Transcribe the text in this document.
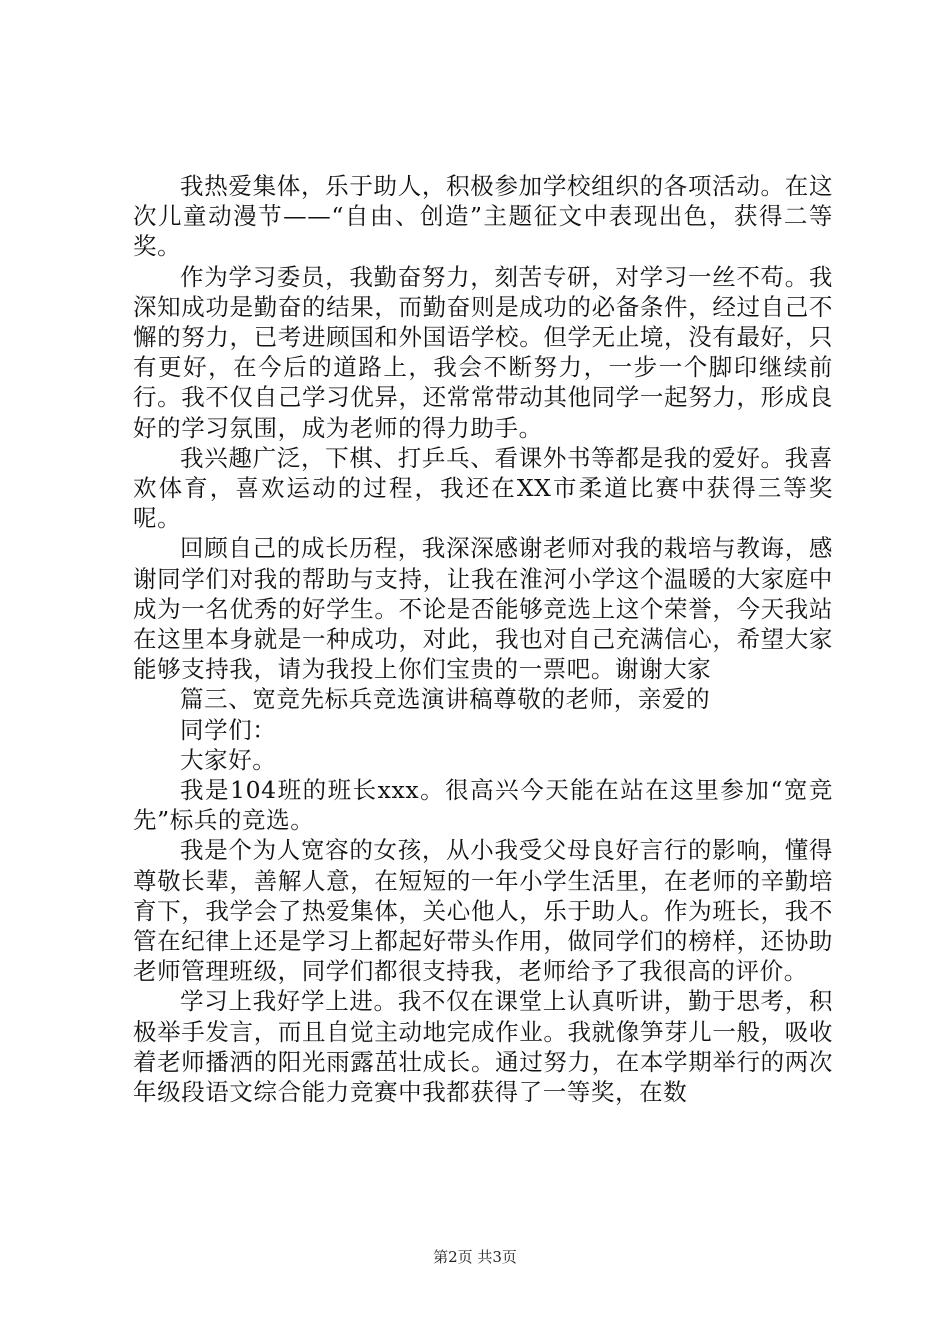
我热爱集体，乐于助人，积极参加学校组织的各项活动。在这次儿童动漫节——“自由、创造”主题征文中表现出色，获得二等奖。

作为学习委员，我勤奋努力，刻苦专研，对学习一丝不苟。我深知成功是勤奋的结果，而勤奋则是成功的必备条件，经过自己不懈的努力，已考进顾国和外国语学校。但学无止境，没有最好，只有更好，在今后的道路上，我会不断努力，一步一个脚印继续前行。我不仅自己学习优异，还常常带动其他同学一起努力，形成良好的学习氛围，成为老师的得力助手。

我兴趣广泛，下棋、打乒乓、看课外书等都是我的爱好。我喜欢体育，喜欢运动的过程，我还在XX市柔道比赛中获得三等奖呢。

回顾自己的成长历程，我深深感谢老师对我的栽培与教诲，感谢同学们对我的帮助与支持，让我在淮河小学这个温暖的大家庭中成为一名优秀的好学生。不论是否能够竞选上这个荣誉，今天我站在这里本身就是一种成功，对此，我也对自己充满信心，希望大家能够支持我，请为我投上你们宝贵的一票吧。谢谢大家

篇三、宽竞先标兵竞选演讲稿尊敬的老师，亲爱的

同学们：

大家好。

我是104班的班长xxx。很高兴今天能在站在这里参加“宽竞先”标兵的竞选。

我是个为人宽容的女孩，从小我受父母良好言行的影响，懂得尊敬长辈，善解人意，在短短的一年小学生活里，在老师的辛勤培育下，我学会了热爱集体，关心他人，乐于助人。作为班长，我不管在纪律上还是学习上都起好带头作用，做同学们的榜样，还协助老师管理班级，同学们都很支持我，老师给予了我很高的评价。

学习上我好学上进。我不仅在课堂上认真听讲，勤于思考，积极举手发言，而且自觉主动地完成作业。我就像笋芽儿一般，吸收着老师播洒的阳光雨露茁壮成长。通过努力，在本学期举行的两次年级段语文综合能力竞赛中我都获得了一等奖，在数

第2页 共3页
